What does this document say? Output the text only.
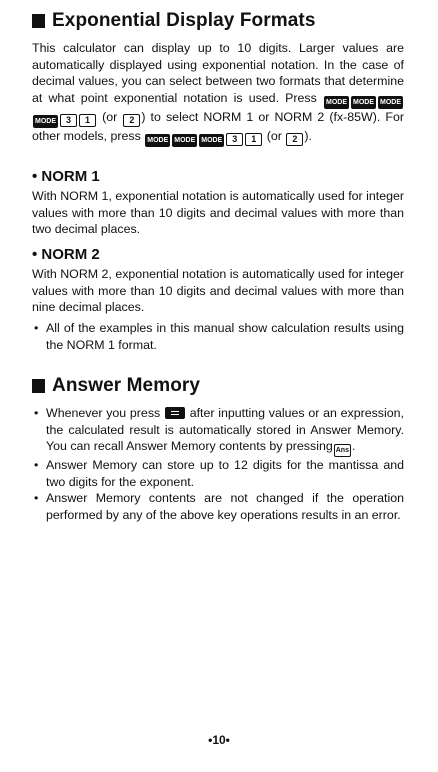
Exponential Display Formats
This calculator can display up to 10 digits. Larger values are automatically displayed using exponential notation. In the case of decimal values, you can select between two formats that determine at what point exponential notation is used. Press MODE MODE MODEMODE 3 1 (or 2 ) to select NORM 1 or NORM 2 (fx-85W). For other models, press MODE MODE MODE 3 1 (or 2 ).
• NORM 1
With NORM 1, exponential notation is automatically used for integer values with more than 10 digits and decimal values with more than two decimal places.
• NORM 2
With NORM 2, exponential notation is automatically used for integer values with more than 10 digits and decimal values with more than nine decimal places.
• All of the examples in this manual show calculation results using the NORM 1 format.
Answer Memory
• Whenever you press after inputting values or an expression, the calculated result is automatically stored in Answer Memory. You can recall Answer Memory contents by pressing Ans .
• Answer Memory can store up to 12 digits for the mantissa and two digits for the exponent.
• Answer Memory contents are not changed if the operation performed by any of the above key operations results in an error.
•10•
